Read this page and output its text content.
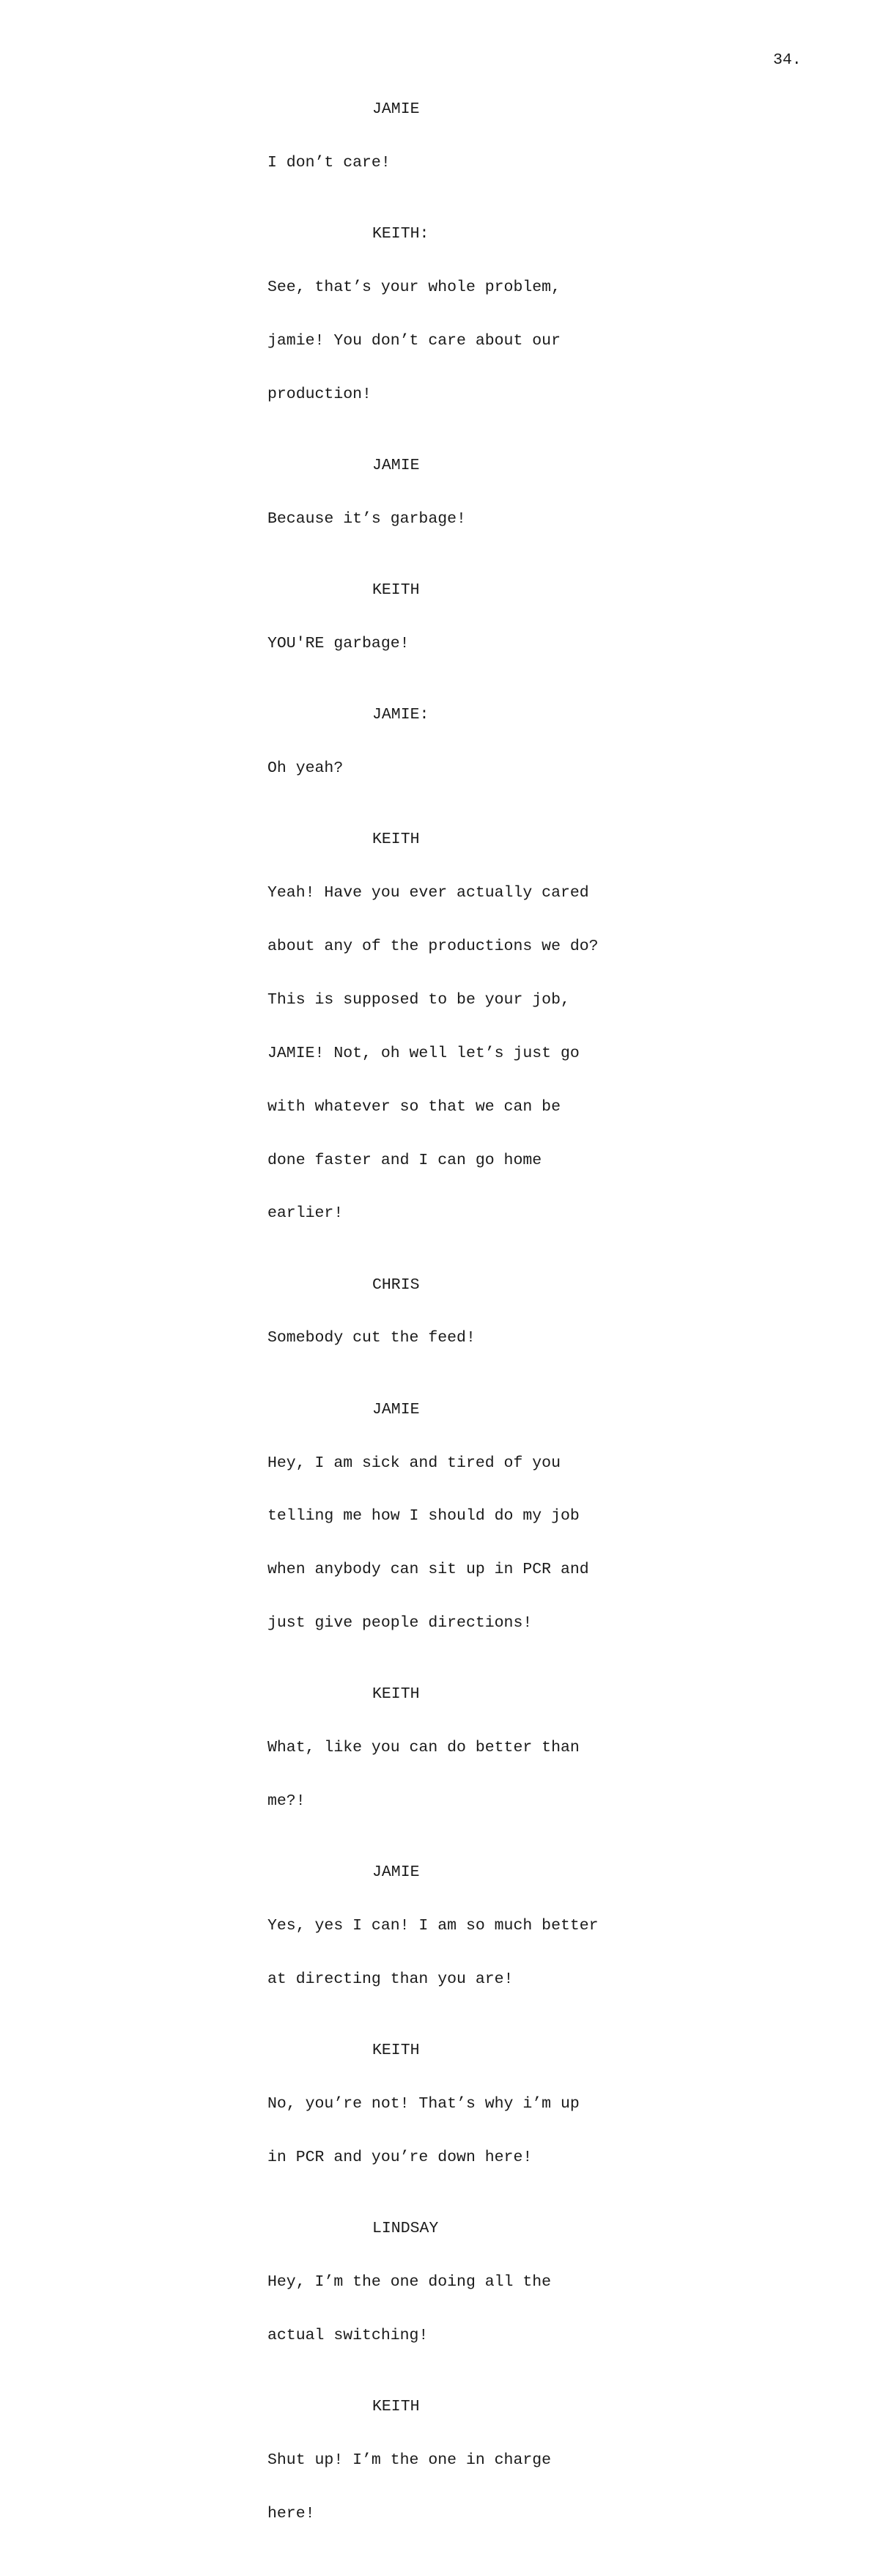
34.
JAMIE

I don’t care!

KEITH:

See, that’s your whole problem,

jamie! You don’t care about our

production!

JAMIE

Because it’s garbage!

KEITH

YOU'RE garbage!

JAMIE:

Oh yeah?

KEITH

Yeah! Have you ever actually cared

about any of the productions we do?

This is supposed to be your job,

JAMIE! Not, oh well let’s just go

with whatever so that we can be

done faster and I can go home

earlier!

CHRIS

Somebody cut the feed!

JAMIE

Hey, I am sick and tired of you

telling me how I should do my job

when anybody can sit up in PCR and

just give people directions!

KEITH

What, like you can do better than

me?!

JAMIE

Yes, yes I can! I am so much better

at directing than you are!

KEITH

No, you’re not! That’s why i’m up

in PCR and you’re down here!

LINDSAY

Hey, I’m the one doing all the

actual switching!

KEITH

Shut up! I’m the one in charge

here!
